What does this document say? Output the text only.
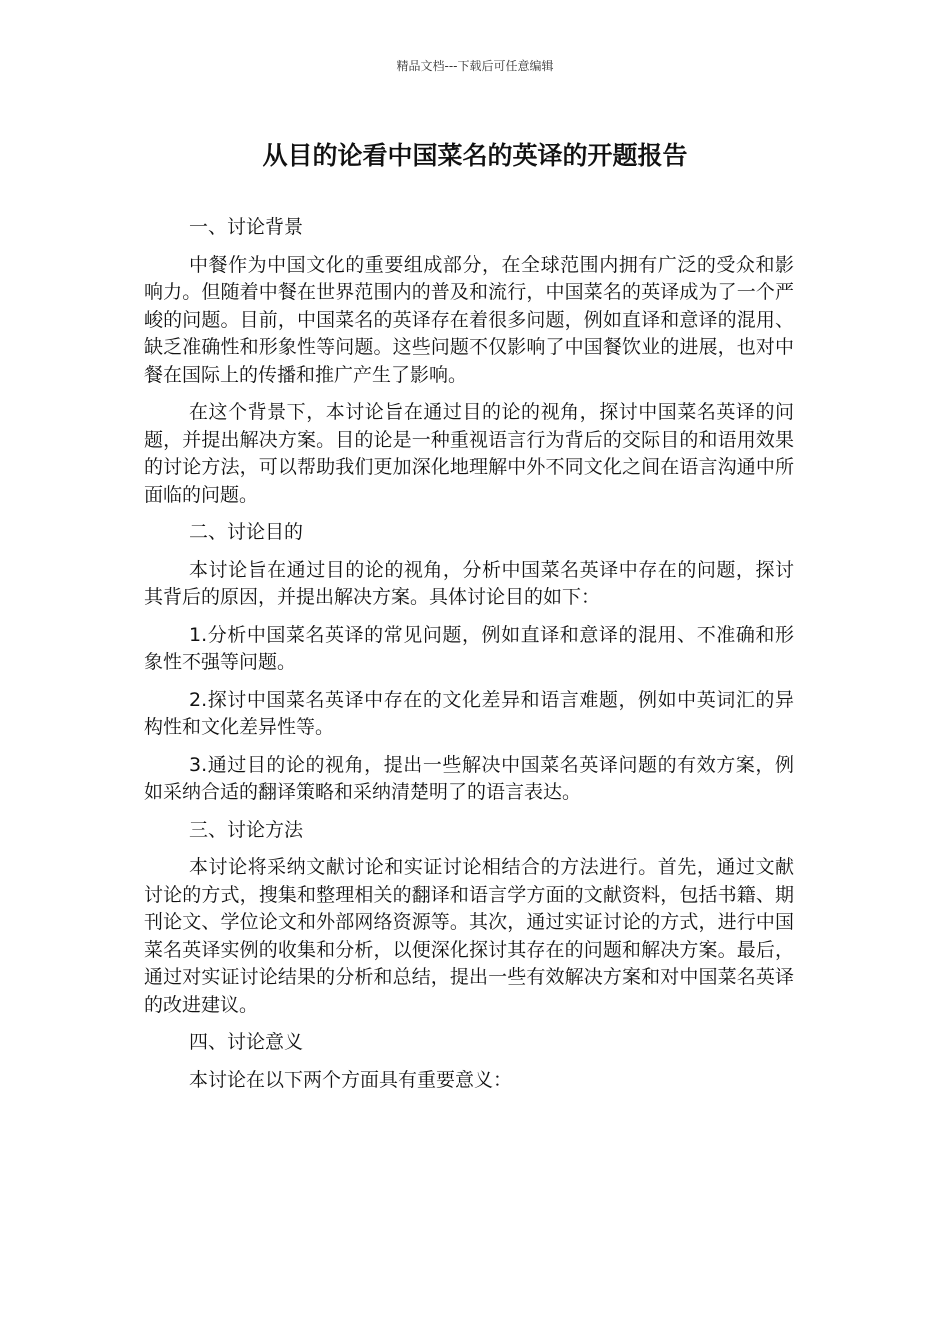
精品文档---下载后可任意编辑
从目的论看中国菜名的英译的开题报告

一、讨论背景

中餐作为中国文化的重要组成部分，在全球范围内拥有广泛的受众和影响力。但随着中餐在世界范围内的普及和流行，中国菜名的英译成为了一个严峻的问题。目前，中国菜名的英译存在着很多问题，例如直译和意译的混用、缺乏准确性和形象性等问题。这些问题不仅影响了中国餐饮业的进展，也对中餐在国际上的传播和推广产生了影响。

在这个背景下，本讨论旨在通过目的论的视角，探讨中国菜名英译的问题，并提出解决方案。目的论是一种重视语言行为背后的交际目的和语用效果的讨论方法，可以帮助我们更加深化地理解中外不同文化之间在语言沟通中所面临的问题。

二、讨论目的

本讨论旨在通过目的论的视角，分析中国菜名英译中存在的问题，探讨其背后的原因，并提出解决方案。具体讨论目的如下：

1.分析中国菜名英译的常见问题，例如直译和意译的混用、不准确和形象性不强等问题。

2.探讨中国菜名英译中存在的文化差异和语言难题，例如中英词汇的异构性和文化差异性等。

3.通过目的论的视角，提出一些解决中国菜名英译问题的有效方案，例如采纳合适的翻译策略和采纳清楚明了的语言表达。

三、讨论方法

本讨论将采纳文献讨论和实证讨论相结合的方法进行。首先，通过文献讨论的方式，搜集和整理相关的翻译和语言学方面的文献资料，包括书籍、期刊论文、学位论文和外部网络资源等。其次，通过实证讨论的方式，进行中国菜名英译实例的收集和分析，以便深化探讨其存在的问题和解决方案。最后，通过对实证讨论结果的分析和总结，提出一些有效解决方案和对中国菜名英译的改进建议。

四、讨论意义

本讨论在以下两个方面具有重要意义：
